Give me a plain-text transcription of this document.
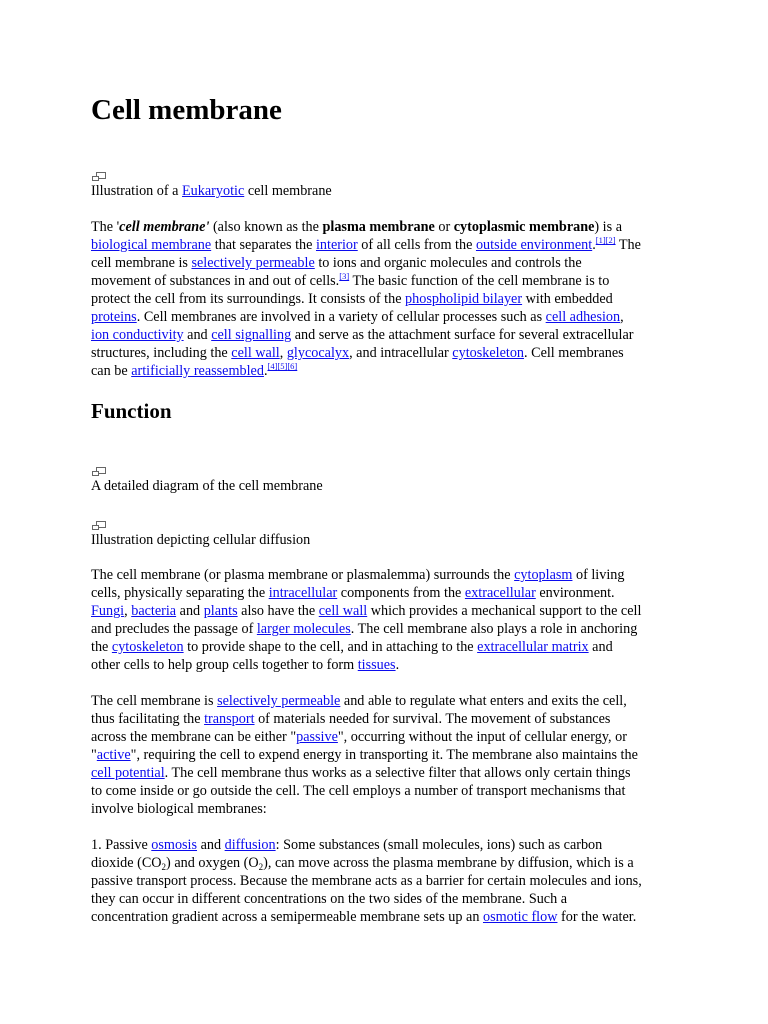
Cell membrane
Illustration of a Eukaryotic cell membrane
The 'cell membrane' (also known as the plasma membrane or cytoplasmic membrane) is a
biological membrane that separates the interior of all cells from the outside environment.[1][2] The
cell membrane is selectively permeable to ions and organic molecules and controls the
movement of substances in and out of cells.[3] The basic function of the cell membrane is to
protect the cell from its surroundings. It consists of the phospholipid bilayer with embedded
proteins. Cell membranes are involved in a variety of cellular processes such as cell adhesion,
ion conductivity and cell signalling and serve as the attachment surface for several extracellular
structures, including the cell wall, glycocalyx, and intracellular cytoskeleton. Cell membranes
can be artificially reassembled.[4][5][6]
Function
A detailed diagram of the cell membrane
Illustration depicting cellular diffusion
The cell membrane (or plasma membrane or plasmalemma) surrounds the cytoplasm of living
cells, physically separating the intracellular components from the extracellular environment.
Fungi, bacteria and plants also have the cell wall which provides a mechanical support to the cell
and precludes the passage of larger molecules. The cell membrane also plays a role in anchoring
the cytoskeleton to provide shape to the cell, and in attaching to the extracellular matrix and
other cells to help group cells together to form tissues.
The cell membrane is selectively permeable and able to regulate what enters and exits the cell,
thus facilitating the transport of materials needed for survival. The movement of substances
across the membrane can be either "passive", occurring without the input of cellular energy, or
"active", requiring the cell to expend energy in transporting it. The membrane also maintains the
cell potential. The cell membrane thus works as a selective filter that allows only certain things
to come inside or go outside the cell. The cell employs a number of transport mechanisms that
involve biological membranes:
1. Passive osmosis and diffusion: Some substances (small molecules, ions) such as carbon
dioxide $(CO_2)$ and oxygen $(O_2)$, can move across the plasma membrane by diffusion, which is a
passive transport process. Because the membrane acts as a barrier for certain molecules and ions,
they can occur in different concentrations on the two sides of the membrane. Such a
concentration gradient across a semipermeable membrane sets up an osmotic flow for the water.
